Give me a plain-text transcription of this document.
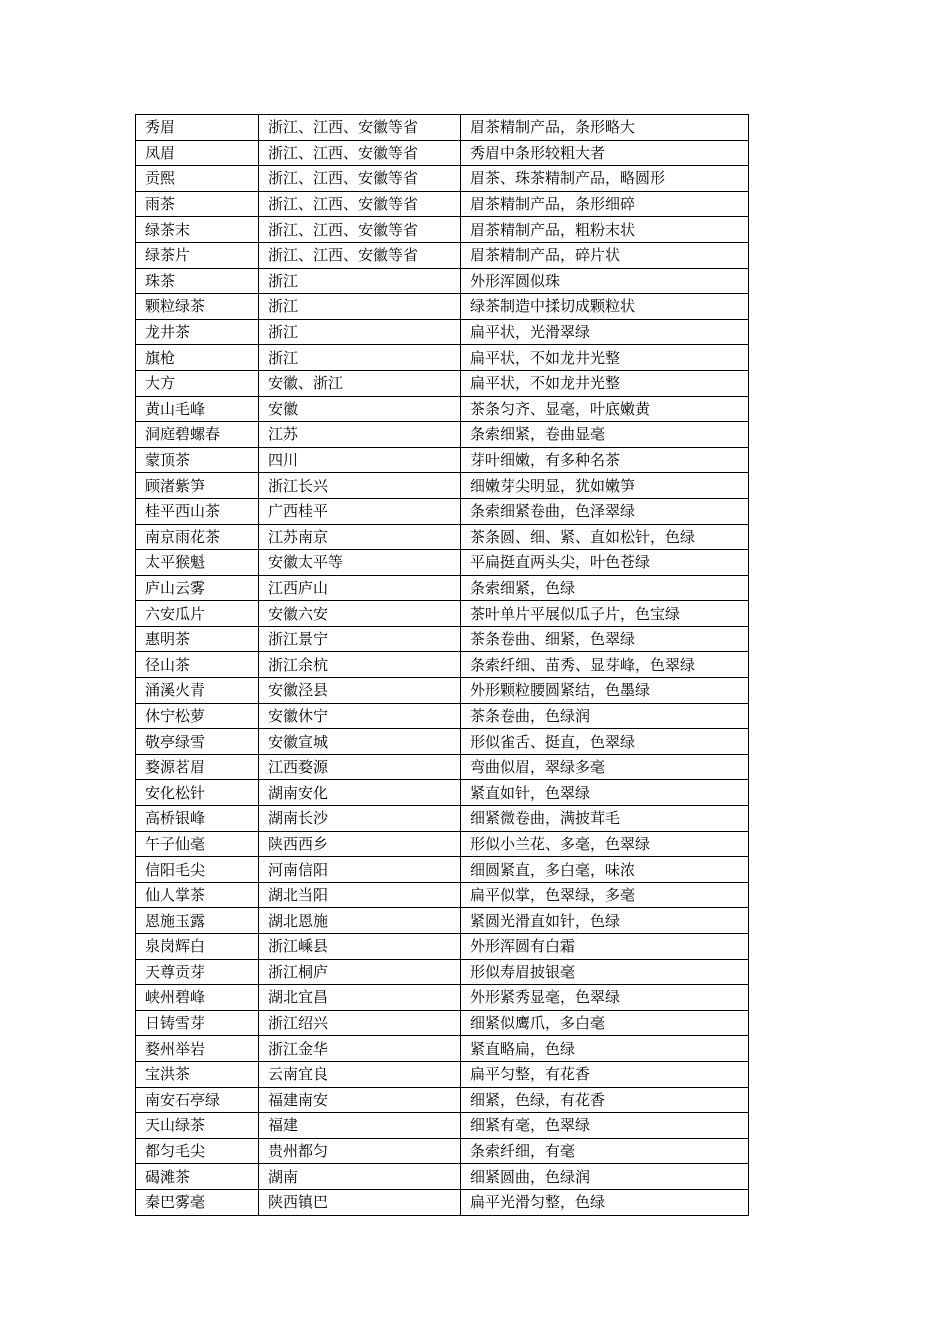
秀眉	浙江、江西、安徽等省	眉茶精制产品，条形略大
凤眉	浙江、江西、安徽等省	秀眉中条形较粗大者
贡熙	浙江、江西、安徽等省	眉茶、珠茶精制产品，略圆形
雨茶	浙江、江西、安徽等省	眉茶精制产品，条形细碎
绿茶末	浙江、江西、安徽等省	眉茶精制产品，粗粉末状
绿茶片	浙江、江西、安徽等省	眉茶精制产品，碎片状
珠茶	浙江	外形浑圆似珠
颗粒绿茶	浙江	绿茶制造中揉切成颗粒状
龙井茶	浙江	扁平状，光滑翠绿
旗枪	浙江	扁平状，不如龙井光整
大方	安徽、浙江	扁平状，不如龙井光整
黄山毛峰	安徽	茶条匀齐、显毫，叶底嫩黄
洞庭碧螺春	江苏	条索细紧，卷曲显毫
蒙顶茶	四川	芽叶细嫩，有多种名茶
顾渚紫笋	浙江长兴	细嫩芽尖明显，犹如嫩笋
桂平西山茶	广西桂平	条索细紧卷曲，色泽翠绿
南京雨花茶	江苏南京	茶条圆、细、紧、直如松针，色绿
太平猴魁	安徽太平等	平扁挺直两头尖，叶色苍绿
庐山云雾	江西庐山	条索细紧，色绿
六安瓜片	安徽六安	茶叶单片平展似瓜子片，色宝绿
惠明茶	浙江景宁	茶条卷曲、细紧，色翠绿
径山茶	浙江余杭	条索纤细、苗秀、显芽峰，色翠绿
涌溪火青	安徽泾县	外形颗粒腰圆紧结，色墨绿
休宁松萝	安徽休宁	茶条卷曲，色绿润
敬亭绿雪	安徽宣城	形似雀舌、挺直，色翠绿
婺源茗眉	江西婺源	弯曲似眉，翠绿多毫
安化松针	湖南安化	紧直如针，色翠绿
高桥银峰	湖南长沙	细紧微卷曲，满披茸毛
午子仙毫	陕西西乡	形似小兰花、多毫，色翠绿
信阳毛尖	河南信阳	细圆紧直，多白毫，味浓
仙人掌茶	湖北当阳	扁平似掌，色翠绿，多毫
恩施玉露	湖北恩施	紧圆光滑直如针，色绿
泉岗辉白	浙江嵊县	外形浑圆有白霜
天尊贡芽	浙江桐庐	形似寿眉披银毫
峡州碧峰	湖北宜昌	外形紧秀显毫，色翠绿
日铸雪芽	浙江绍兴	细紧似鹰爪，多白毫
婺州举岩	浙江金华	紧直略扁，色绿
宝洪茶	云南宜良	扁平匀整，有花香
南安石亭绿	福建南安	细紧，色绿，有花香
天山绿茶	福建	细紧有毫，色翠绿
都匀毛尖	贵州都匀	条索纤细，有毫
碣滩茶	湖南	细紧圆曲，色绿润
秦巴雾毫	陕西镇巴	扁平光滑匀整，色绿
